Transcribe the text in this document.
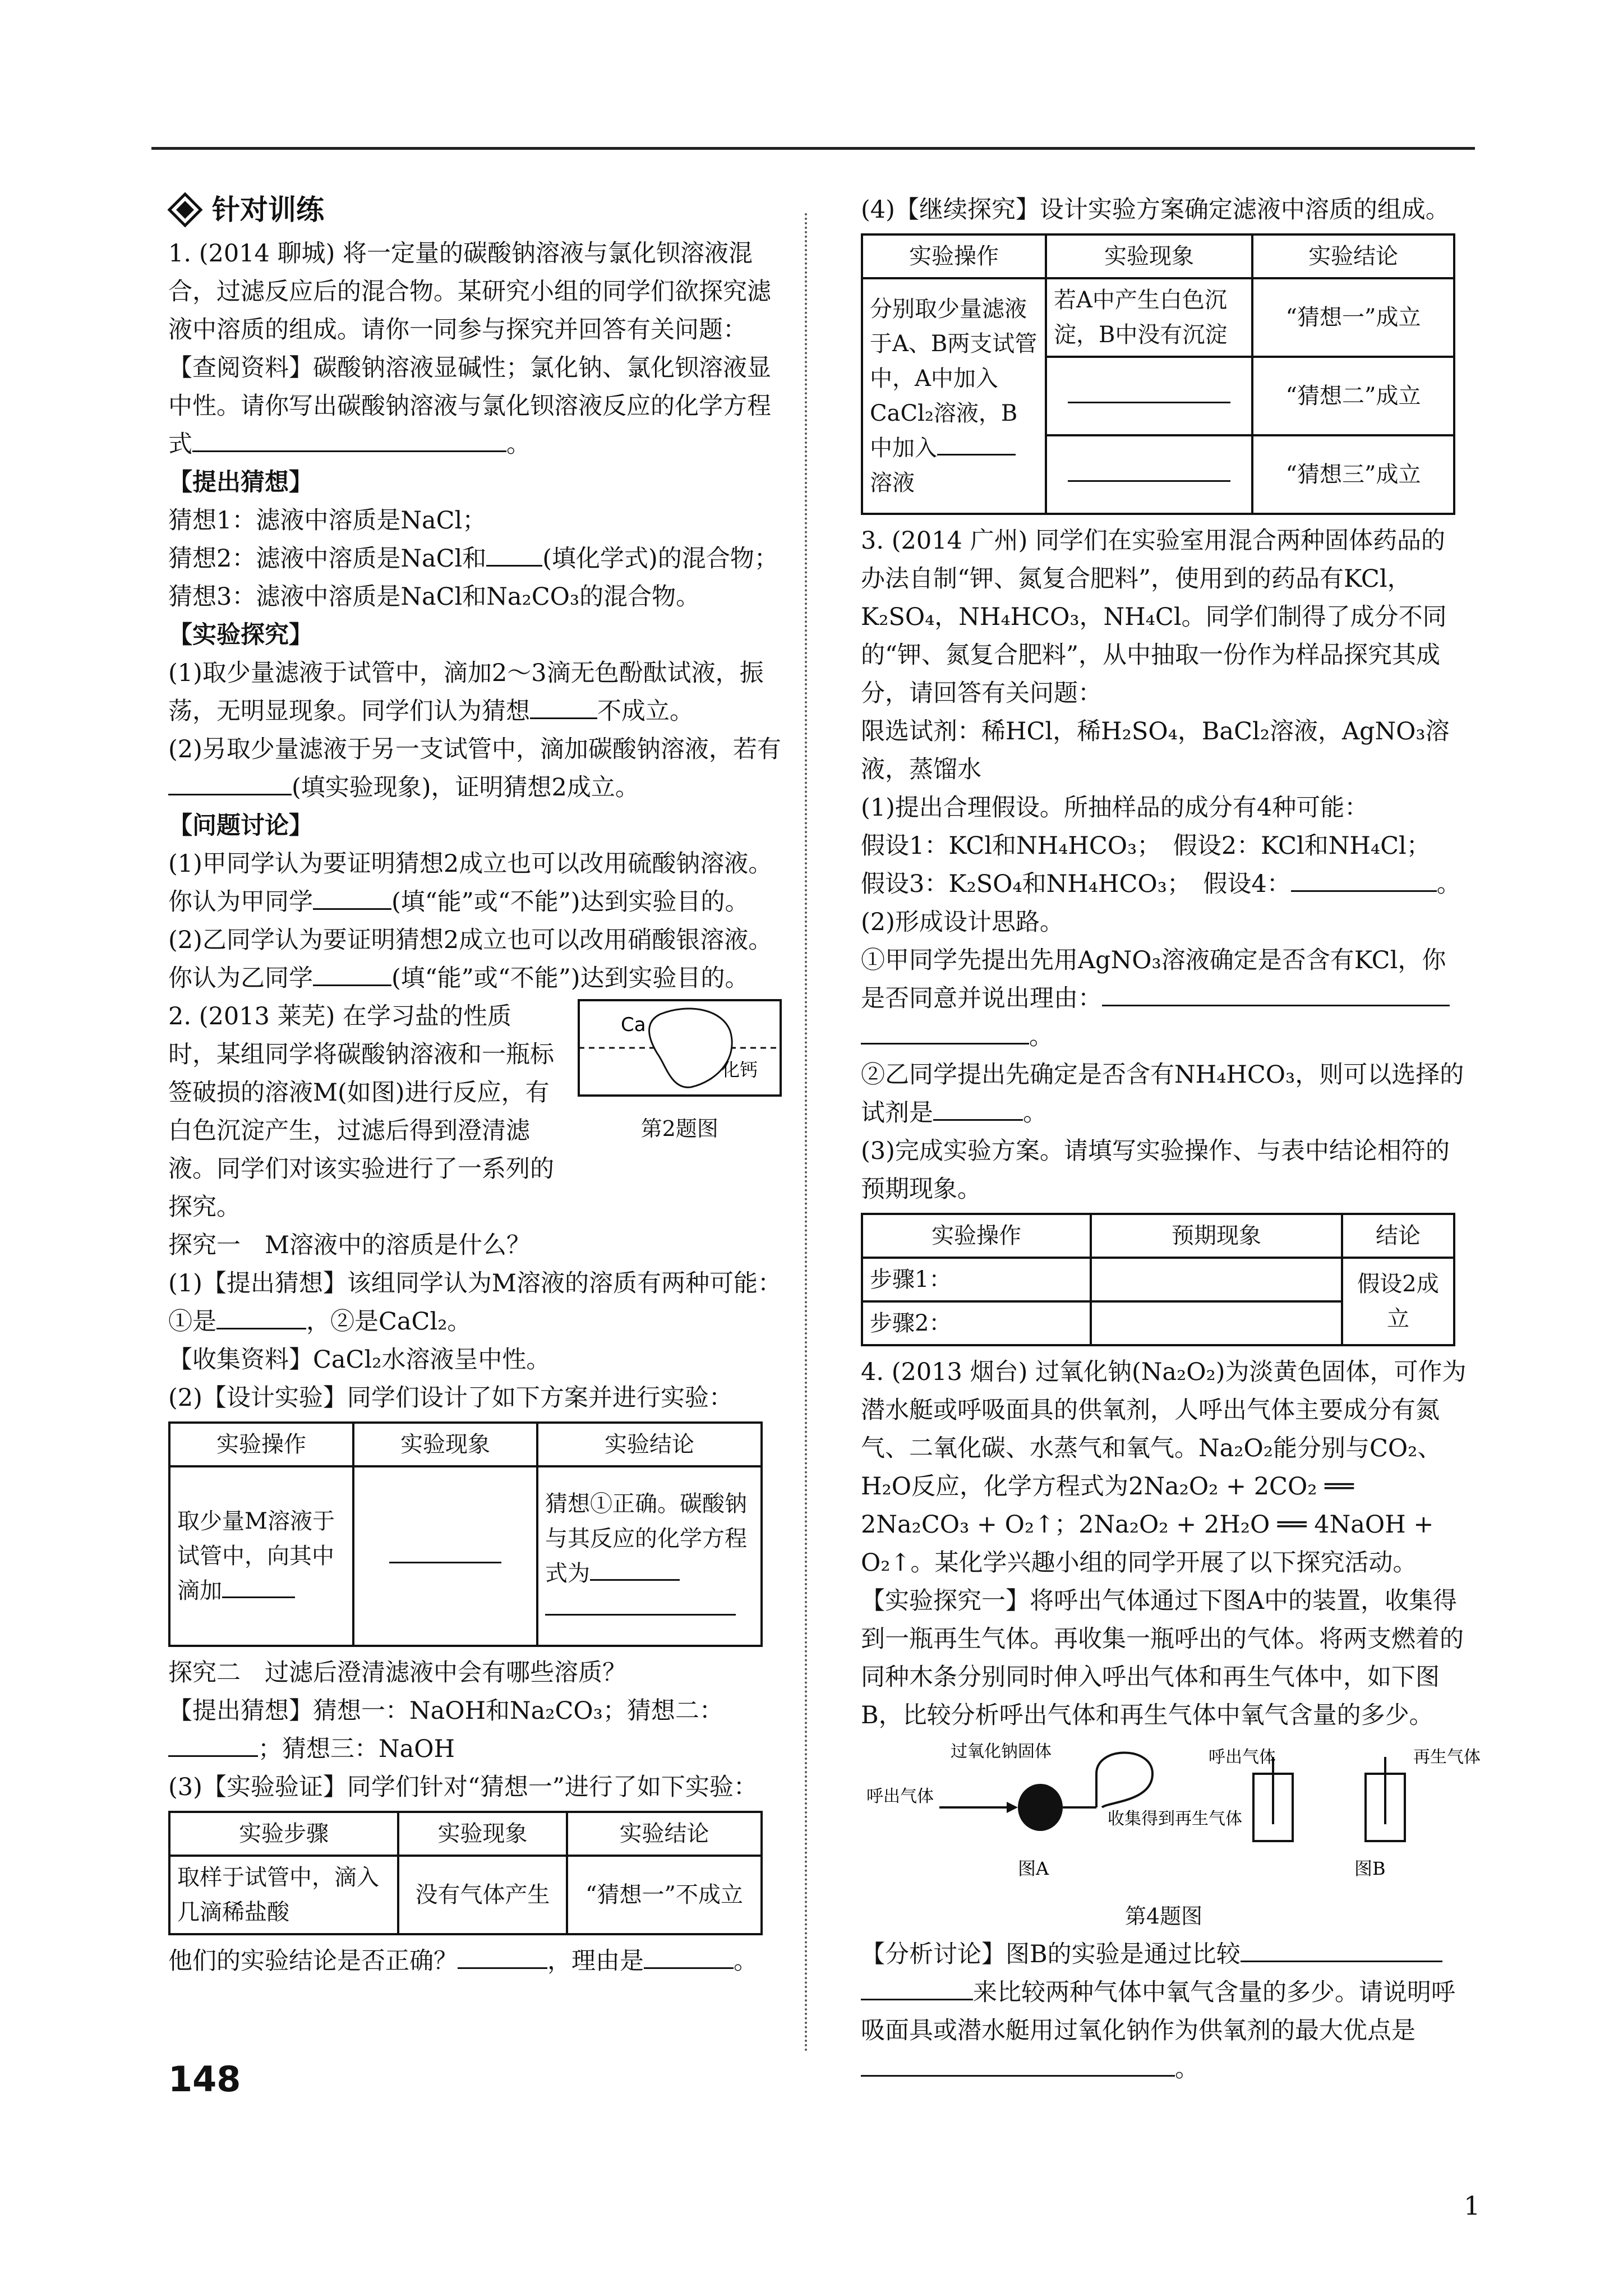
针对训练

1. (2014 聊城) 将一定量的碳酸钠溶液与氯化钡溶液混合，过滤反应后的混合物。某研究小组的同学们欲探究滤液中溶质的组成。请你一同参与探究并回答有关问题：

【查阅资料】碳酸钠溶液显碱性；氯化钠、氯化钡溶液显中性。请你写出碳酸钠溶液与氯化钡溶液反应的化学方程式	。

【提出猜想】

猜想1：滤液中溶质是NaCl；

猜想2：滤液中溶质是NaCl和 (填化学式)的混合物；

猜想3：滤液中溶质是NaCl和Na₂CO₃的混合物。

【实验探究】

(1)取少量滤液于试管中，滴加2～3滴无色酚酞试液，振荡，无明显现象。同学们认为猜想	不成立。

(2)另取少量滤液于另一支试管中，滴加碳酸钠溶液，若有(填实验现象)，证明猜想2成立。

【问题讨论】

(1)甲同学认为要证明猜想2成立也可以改用硫酸钠溶液。你认为甲同学	(填“能”或“不能”)达到实验目的。

(2)乙同学认为要证明猜想2成立也可以改用硝酸银溶液。你认为乙同学	(填“能”或“不能”)达到实验目的。

2. (2013 莱芜) 在学习盐的性质时，某组同学将碳酸钠溶液和一瓶标签破损的溶液M(如图)进行反应，有白色沉淀产生，过滤后得到澄清滤液。同学们对该实验进行了一系列的探究。

Ca
化钙
第2题图

探究一　M溶液中的溶质是什么？

(1)【提出猜想】该组同学认为M溶液的溶质有两种可能：①是	，②是CaCl₂。

【收集资料】CaCl₂水溶液呈中性。

(2)【设计实验】同学们设计了如下方案并进行实验：

实验操作	实验现象	实验结论
取少量M溶液于试管中，向其中滴加		猜想①正确。碳酸钠与其反应的化学方程式为

探究二　过滤后澄清滤液中会有哪些溶质？

【提出猜想】猜想一：NaOH和Na₂CO₃；猜想二：；猜想三：NaOH

(3)【实验验证】同学们针对“猜想一”进行了如下实验：

实验步骤	实验现象	实验结论
取样于试管中，滴入几滴稀盐酸	没有气体产生	“猜想一”不成立

他们的实验结论是否正确？	，理由是	。

(4)【继续探究】设计实验方案确定滤液中溶质的组成。

实验操作	实验现象	实验结论
分别取少量滤液于A、B两支试管中，A中加入CaCl₂溶液，B中加入
溶液	若A中产生白色沉淀，B中没有沉淀	“猜想一”成立
		“猜想二”成立
		“猜想三”成立

3. (2014 广州) 同学们在实验室用混合两种固体药品的办法自制“钾、氮复合肥料”，使用到的药品有KCl，K₂SO₄，NH₄HCO₃，NH₄Cl。同学们制得了成分不同的“钾、氮复合肥料”，从中抽取一份作为样品探究其成分，请回答有关问题：

限选试剂：稀HCl，稀H₂SO₄，BaCl₂溶液，AgNO₃溶液，蒸馏水

(1)提出合理假设。所抽样品的成分有4种可能：

假设1：KCl和NH₄HCO₃；　假设2：KCl和NH₄Cl；

假设3：K₂SO₄和NH₄HCO₃；　假设4：	。

(2)形成设计思路。

①甲同学先提出先用AgNO₃溶液确定是否含有KCl，你是否同意并说出理由：
。

②乙同学提出先确定是否含有NH₄HCO₃，则可以选择的试剂是	。

(3)完成实验方案。请填写实验操作、与表中结论相符的预期现象。

实验操作	预期现象	结论
步骤1：		假设2成立
步骤2：		

4. (2013 烟台) 过氧化钠(Na₂O₂)为淡黄色固体，可作为潜水艇或呼吸面具的供氧剂，人呼出气体主要成分有氮气、二氧化碳、水蒸气和氧气。Na₂O₂能分别与CO₂、H₂O反应，化学方程式为2Na₂O₂ + 2CO₂ ══ 2Na₂CO₃ + O₂↑；2Na₂O₂ + 2H₂O ══ 4NaOH + O₂↑。某化学兴趣小组的同学开展了以下探究活动。

【实验探究一】将呼出气体通过下图A中的装置，收集得到一瓶再生气体。再收集一瓶呼出的气体。将两支燃着的同种木条分别同时伸入呼出气体和再生气体中，如下图B，比较分析呼出气体和再生气体中氧气含量的多少。

过氧化钠固体
呼出气体
收集得到再生气体
图A
呼出气体	再生气体
图B
第4题图

【分析讨论】图B的实验是通过比较
来比较两种气体中氧气含量的多少。请说明呼吸面具或潜水艇用过氧化钠作为供氧剂的最大优点是。

148
1
